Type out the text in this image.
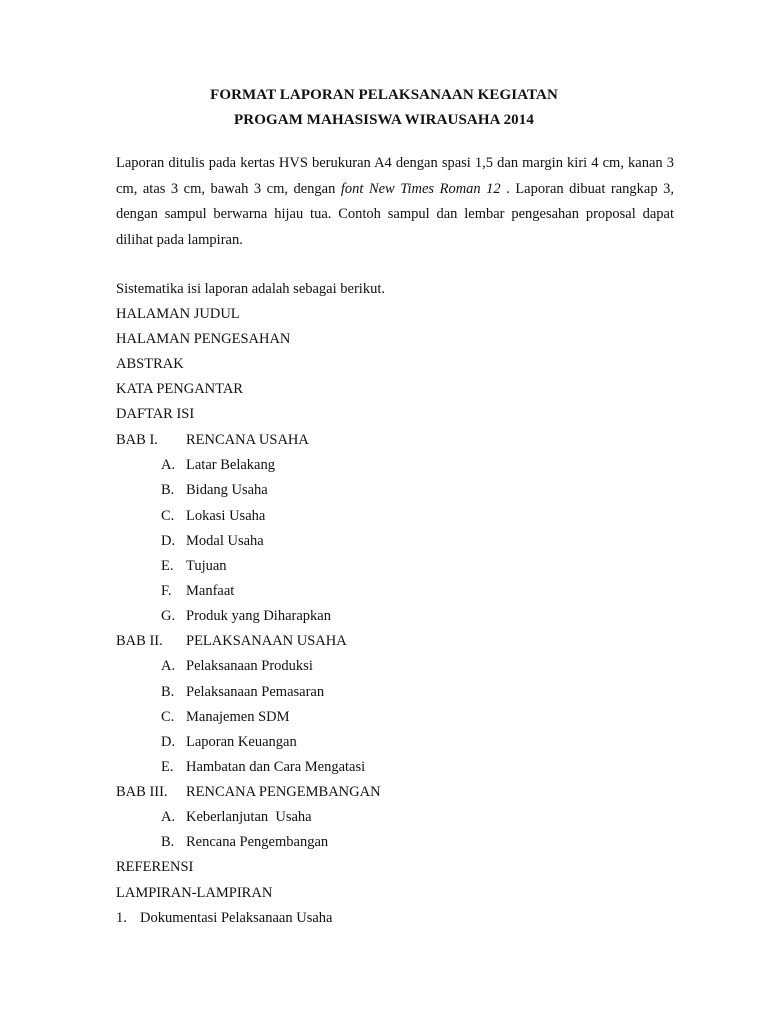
FORMAT LAPORAN PELAKSANAAN KEGIATAN
PROGAM MAHASISWA WIRAUSAHA 2014
Laporan ditulis pada kertas HVS berukuran A4 dengan spasi 1,5 dan margin kiri 4 cm, kanan 3 cm, atas 3 cm, bawah 3 cm, dengan font New Times Roman 12 . Laporan dibuat rangkap 3, dengan sampul berwarna hijau tua. Contoh sampul dan lembar pengesahan proposal dapat dilihat pada lampiran.
Sistematika isi laporan adalah sebagai berikut.
HALAMAN JUDUL
HALAMAN PENGESAHAN
ABSTRAK
KATA PENGANTAR
DAFTAR ISI
BAB I. RENCANA USAHA
A. Latar Belakang
B. Bidang Usaha
C. Lokasi Usaha
D. Modal Usaha
E. Tujuan
F. Manfaat
G. Produk yang Diharapkan
BAB II. PELAKSANAAN USAHA
A. Pelaksanaan Produksi
B. Pelaksanaan Pemasaran
C. Manajemen SDM
D. Laporan Keuangan
E. Hambatan dan Cara Mengatasi
BAB III. RENCANA PENGEMBANGAN
A. Keberlanjutan  Usaha
B. Rencana Pengembangan
REFERENSI
LAMPIRAN-LAMPIRAN
1. Dokumentasi Pelaksanaan Usaha
